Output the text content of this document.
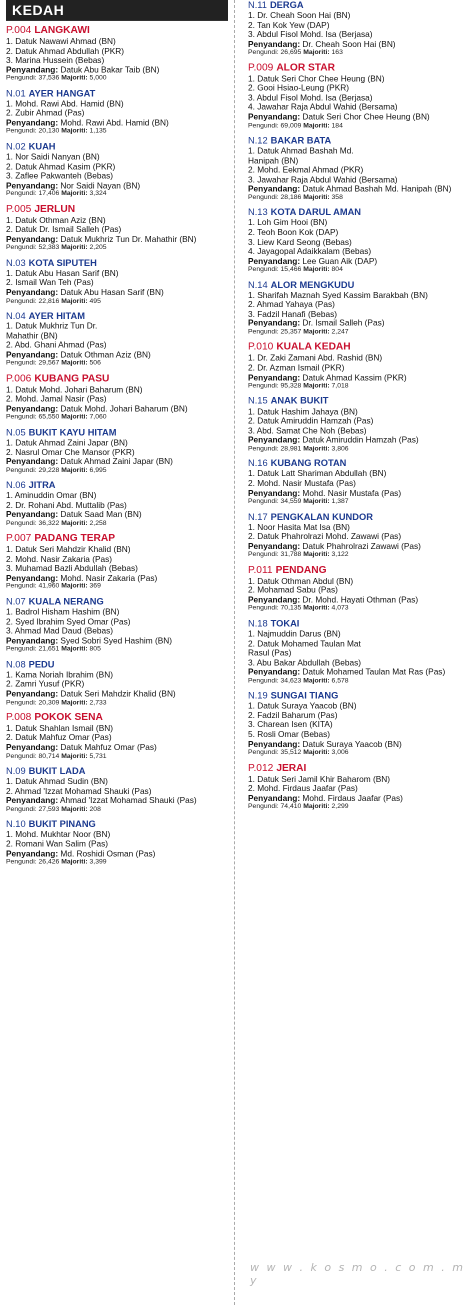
KEDAH
P.004 LANGKAWI
1. Datuk Nawawi Ahmad (BN)
2. Datuk Ahmad Abdullah (PKR)
3. Marina Hussein (Bebas)
Penyandang: Datuk Abu Bakar Taib (BN)
Pengundi: 37,536 Majoriti: 5,000
N.01 AYER HANGAT
1. Mohd. Rawi Abd. Hamid (BN)
2. Zubir Ahmad (Pas)
Penyandang: Mohd. Rawi Abd. Hamid (BN)
Pengundi: 20,130 Majoriti: 1,135
N.02 KUAH
1. Nor Saidi Nanyan (BN)
2. Datuk Ahmad Kasim (PKR)
3. Zaflee Pakwanteh (Bebas)
Penyandang: Nor Saidi Nayan (BN)
Pengundi: 17,406 Majoriti: 3,324
P.005 JERLUN
1. Datuk Othman Aziz (BN)
2. Datuk Dr. Ismail Salleh (Pas)
Penyandang: Datuk Mukhriz Tun Dr. Mahathir (BN)
Pengundi: 52,383 Majoriti: 2,205
N.03 KOTA SIPUTEH
1. Datuk Abu Hasan Sarif (BN)
2. Ismail Wan Teh (Pas)
Penyandang: Datuk Abu Hasan Sarif (BN)
Pengundi: 22,816 Majoriti: 495
N.04 AYER HITAM
1. Datuk Mukhriz Tun Dr.
Mahathir (BN)
2. Abd. Ghani Ahmad (Pas)
Penyandang: Datuk Othman Aziz (BN)
Pengundi: 29,567 Majoriti: 506
P.006 KUBANG PASU
1. Datuk Mohd. Johari Baharum (BN)
2. Mohd. Jamal Nasir (Pas)
Penyandang: Datuk Mohd. Johari Baharum (BN)
Pengundi: 65,550 Majoriti: 7,060
N.05 BUKIT KAYU HITAM
1. Datuk Ahmad Zaini Japar (BN)
2. Nasrul Omar Che Mansor (PKR)
Penyandang: Datuk Ahmad Zaini Japar (BN)
Pengundi: 29,228 Majoriti: 6,995
N.06 JITRA
1. Aminuddin Omar (BN)
2. Dr. Rohani Abd. Muttalib (Pas)
Penyandang: Datuk Saad Man (BN)
Pengundi: 36,322 Majoriti: 2,258
P.007 PADANG TERAP
1. Datuk Seri Mahdzir Khalid (BN)
2. Mohd. Nasir Zakaria (Pas)
3. Muhamad Bazli Abdullah (Bebas)
Penyandang: Mohd. Nasir Zakaria (Pas)
Pengundi: 41,960 Majoriti: 369
N.07 KUALA NERANG
1. Badrol Hisham Hashim (BN)
2. Syed Ibrahim Syed Omar (Pas)
3. Ahmad Mad Daud (Bebas)
Penyandang: Syed Sobri Syed Hashim (BN)
Pengundi: 21,651 Majoriti: 805
N.08 PEDU
1. Kama Noriah Ibrahim (BN)
2. Zamri Yusuf (PKR)
Penyandang: Datuk Seri Mahdzir Khalid (BN)
Pengundi: 20,309 Majoriti: 2,733
P.008 POKOK SENA
1. Datuk Shahlan Ismail (BN)
2. Datuk Mahfuz Omar (Pas)
Penyandang: Datuk Mahfuz Omar (Pas)
Pengundi: 80,714 Majoriti: 5,731
N.09 BUKIT LADA
1. Datuk Ahmad Sudin (BN)
2. Ahmad 'Izzat Mohamad Shauki (Pas)
Penyandang: Ahmad 'Izzat Mohamad Shauki (Pas)
Pengundi: 27,593 Majoriti: 208
N.10 BUKIT PINANG
1. Mohd. Mukhtar Noor (BN)
2. Romani Wan Salim (Pas)
Penyandang: Md. Roshidi Osman (Pas)
Pengundi: 26,426 Majoriti: 3,399
N.11 DERGA
1. Dr. Cheah Soon Hai (BN)
2. Tan Kok Yew (DAP)
3. Abdul Fisol Mohd. Isa (Berjasa)
Penyandang: Dr. Cheah Soon Hai (BN)
Pengundi: 26,695 Majoriti: 163
P.009 ALOR STAR
1. Datuk Seri Chor Chee Heung (BN)
2. Gooi Hsiao-Leung (PKR)
3. Abdul Fisol Mohd. Isa (Berjasa)
4. Jawahar Raja Abdul Wahid (Bersama)
Penyandang: Datuk Seri Chor Chee Heung (BN)
Pengundi: 69,009 Majoriti: 184
N.12 BAKAR BATA
1. Datuk Ahmad Bashah Md.
Hanipah (BN)
2. Mohd. Eekmal Ahmad (PKR)
3. Jawahar Raja Abdul Wahid (Bersama)
Penyandang: Datuk Ahmad Bashah Md. Hanipah (BN)
Pengundi: 28,186 Majoriti: 358
N.13 KOTA DARUL AMAN
1. Loh Gim Hooi (BN)
2. Teoh Boon Kok (DAP)
3. Liew Kard Seong (Bebas)
4. Jayagopal Adaikkalam (Bebas)
Penyandang: Lee Guan Aik (DAP)
Pengundi: 15,466 Majoriti: 804
N.14 ALOR MENGKUDU
1. Sharifah Maznah Syed Kassim Barakbah (BN)
2. Ahmad Yahaya (Pas)
3. Fadzil Hanafi (Bebas)
Penyandang: Dr. Ismail Salleh (Pas)
Pengundi: 25,357 Majoriti: 2,247
P.010 KUALA KEDAH
1. Dr. Zaki Zamani Abd. Rashid (BN)
2. Dr. Azman Ismail (PKR)
Penyandang: Datuk Ahmad Kassim (PKR)
Pengundi: 95,328 Majoriti: 7,018
N.15 ANAK BUKIT
1. Datuk Hashim Jahaya (BN)
2. Datuk Amiruddin Hamzah (Pas)
3. Abd. Samat Che Noh (Bebas)
Penyandang: Datuk Amiruddin Hamzah (Pas)
Pengundi: 28,981 Majoriti: 3,806
N.16 KUBANG ROTAN
1. Datuk Latt Shariman Abdullah (BN)
2. Mohd. Nasir Mustafa (Pas)
Penyandang: Mohd. Nasir Mustafa (Pas)
Pengundi: 34,559 Majoriti: 1,387
N.17 PENGKALAN KUNDOR
1. Noor Hasita Mat Isa (BN)
2. Datuk Phahrolrazi Mohd. Zawawi (Pas)
Penyandang: Datuk Phahrolrazi Zawawi (Pas)
Pengundi: 31,788 Majoriti: 3,122
P.011 PENDANG
1. Datuk Othman Abdul (BN)
2. Mohamad Sabu (Pas)
Penyandang: Dr. Mohd. Hayati Othman (Pas)
Pengundi: 70,135 Majoriti: 4,073
N.18 TOKAI
1. Najmuddin Darus (BN)
2. Datuk Mohamed Taulan Mat
Rasul (Pas)
3. Abu Bakar Abdullah (Bebas)
Penyandang: Datuk Mohamed Taulan Mat Ras (Pas)
Pengundi: 34,623 Majoriti: 6,578
N.19 SUNGAI TIANG
1. Datuk Suraya Yaacob (BN)
2. Fadzil Baharum (Pas)
3. Charean Isen (KITA)
5. Rosli Omar (Bebas)
Penyandang: Datuk Suraya Yaacob (BN)
Pengundi: 35,512 Majoriti: 3,006
P.012 JERAI
1. Datuk Seri Jamil Khir Baharom (BN)
2. Mohd. Firdaus Jaafar (Pas)
Penyandang: Mohd. Firdaus Jaafar (Pas)
Pengundi: 74,410 Majoriti: 2,299
w w w . k o s m o . c o m . m y
